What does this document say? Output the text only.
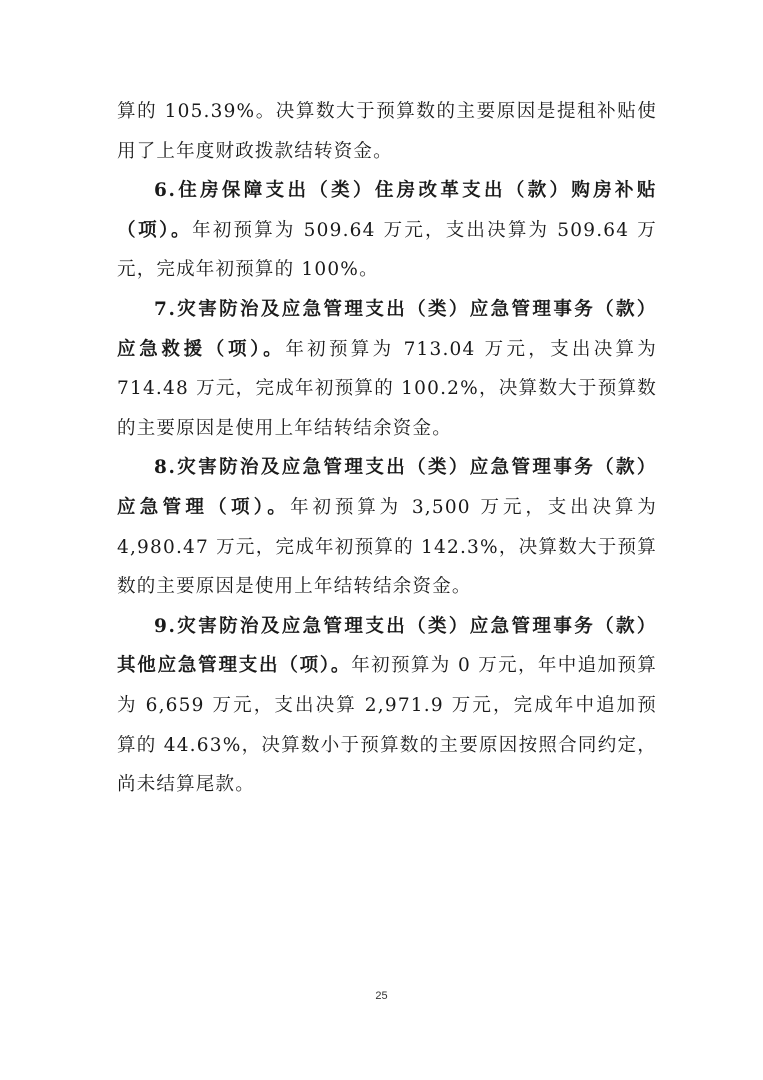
算的 105.39%。决算数大于预算数的主要原因是提租补贴使用了上年度财政拨款结转资金。

6.住房保障支出（类）住房改革支出（款）购房补贴（项）。年初预算为 509.64 万元，支出决算为 509.64 万元，完成年初预算的 100%。

7.灾害防治及应急管理支出（类）应急管理事务（款）应急救援（项）。年初预算为 713.04 万元，支出决算为 714.48 万元，完成年初预算的 100.2%，决算数大于预算数的主要原因是使用上年结转结余资金。

8.灾害防治及应急管理支出（类）应急管理事务（款） 应急管理（项）。年初预算为 3,500 万元，支出决算为 4,980.47 万元，完成年初预算的 142.3%，决算数大于预算数的主要原因是使用上年结转结余资金。

9.灾害防治及应急管理支出（类）应急管理事务（款） 其他应急管理支出（项）。年初预算为 0 万元，年中追加预算为 6,659 万元，支出决算 2,971.9 万元，完成年中追加预算的 44.63%，决算数小于预算数的主要原因按照合同约定，尚未结算尾款。

25
